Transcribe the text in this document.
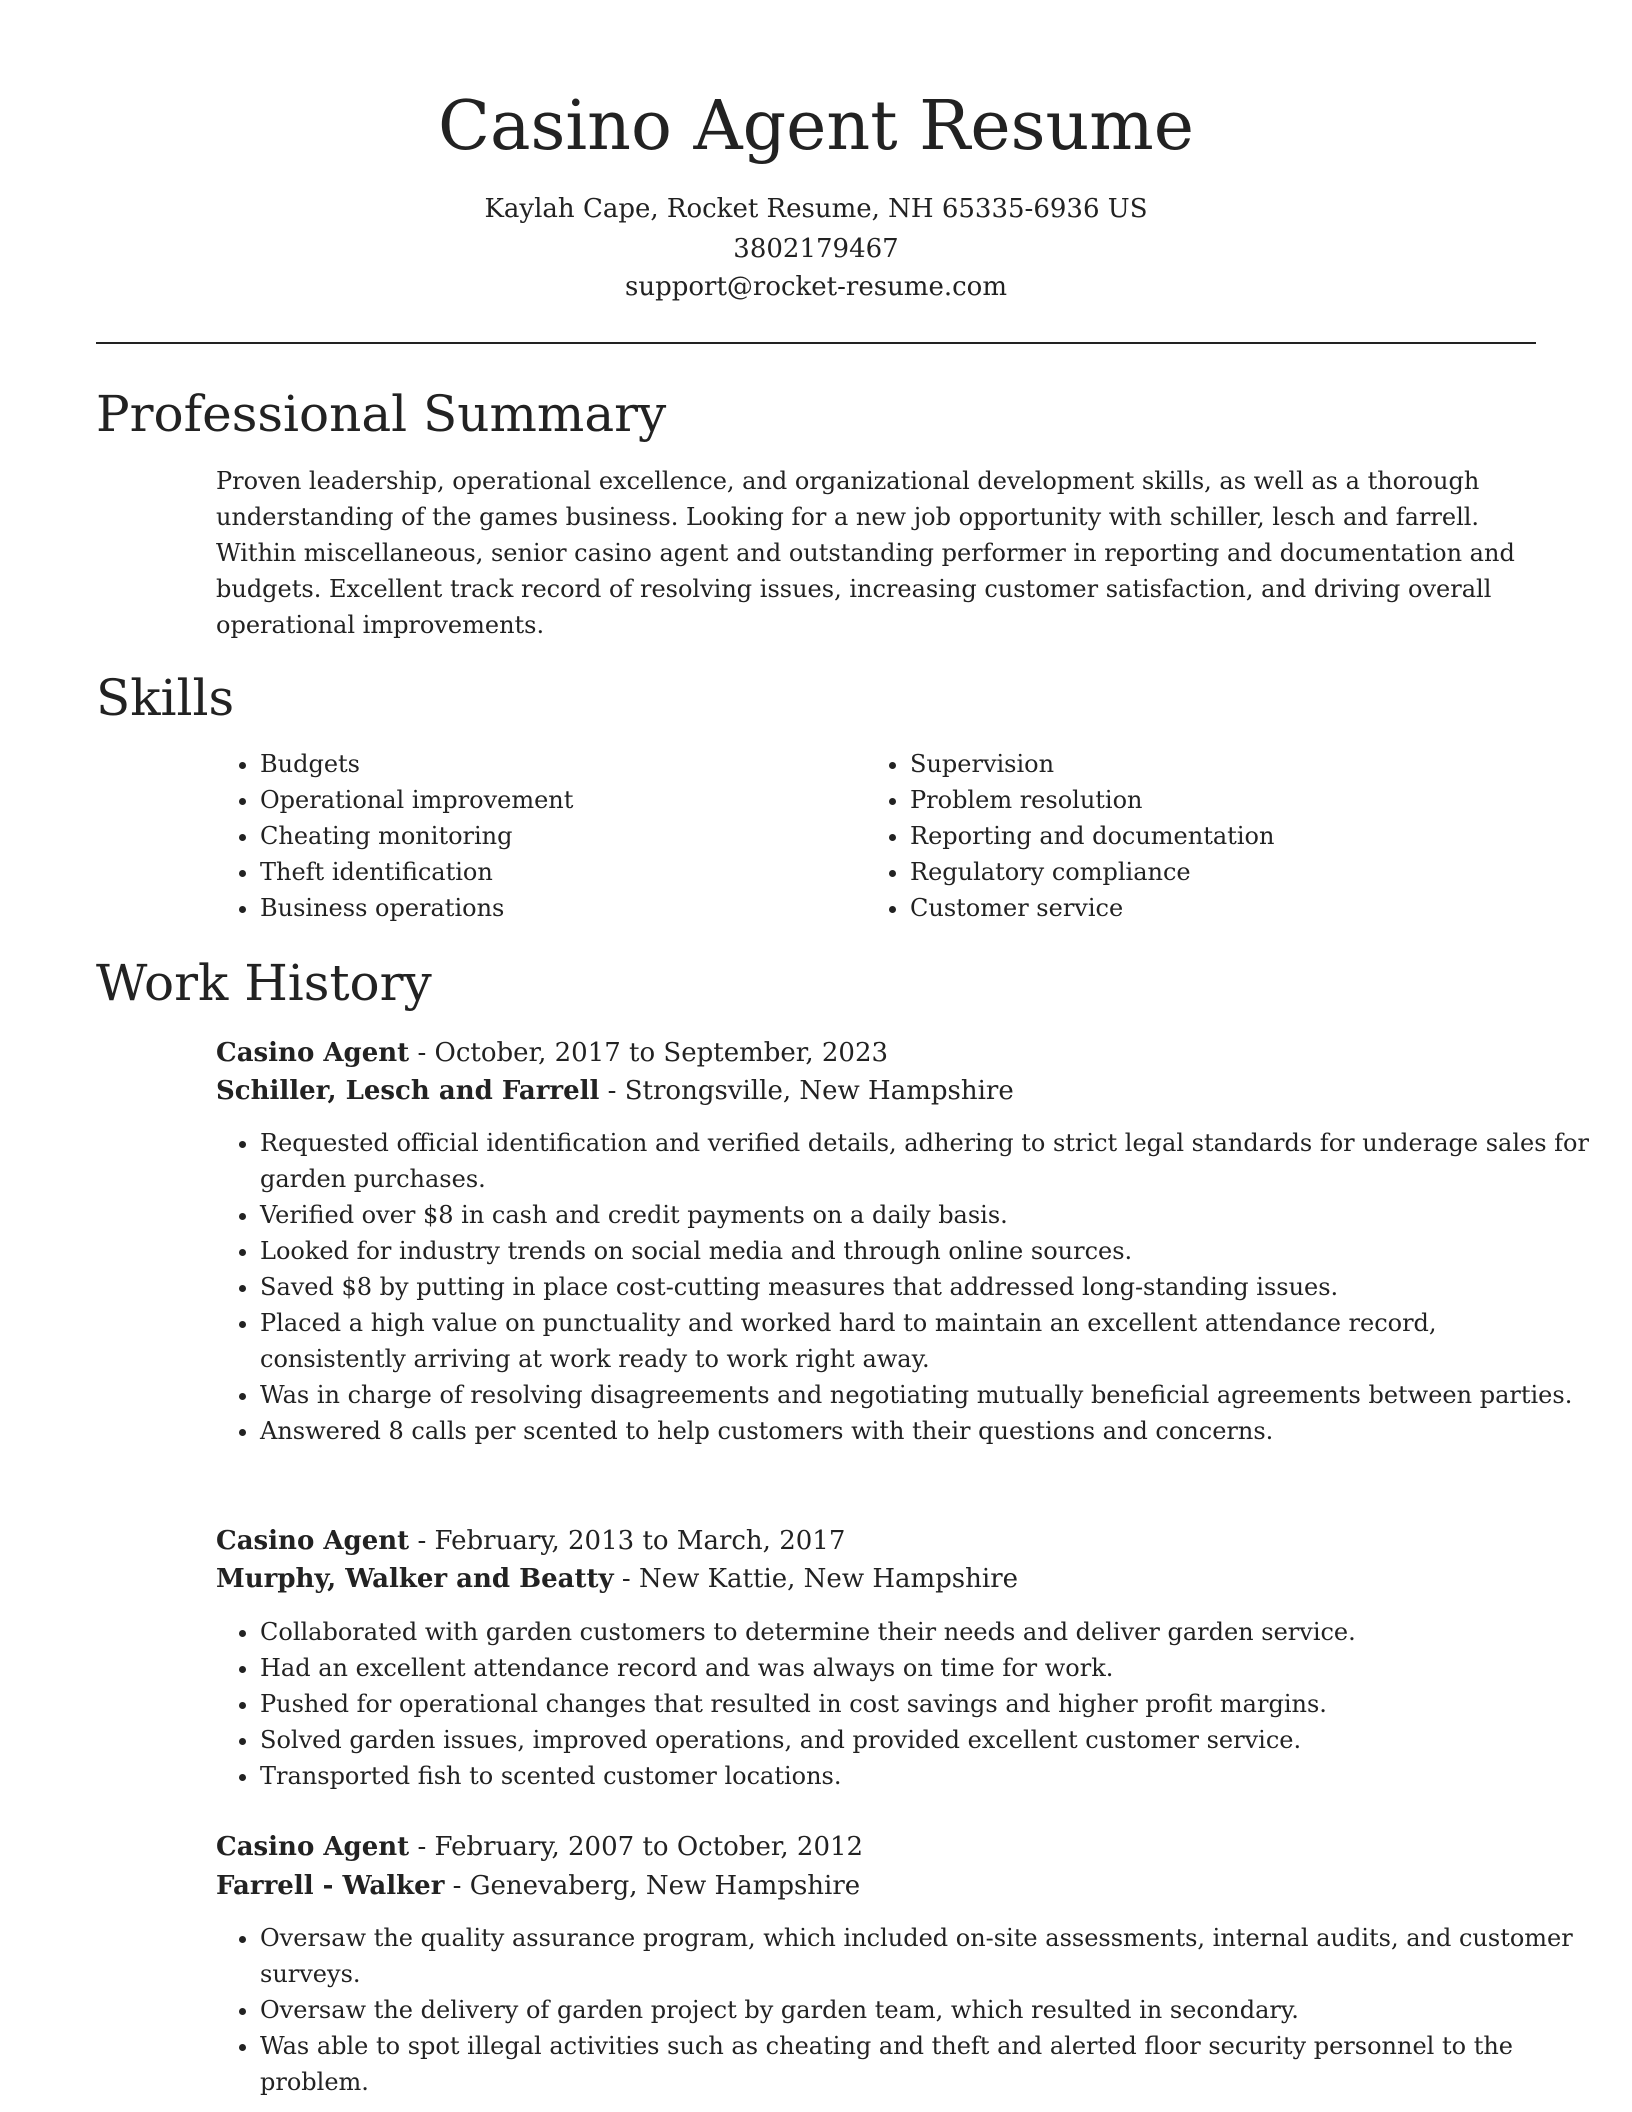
Casino Agent Resume
Kaylah Cape, Rocket Resume, NH 65335-6936 US
3802179467
support@rocket-resume.com
Professional Summary

Proven leadership, operational excellence, and organizational development skills, as well as a thorough understanding of the games business. Looking for a new job opportunity with schiller, lesch and farrell. Within miscellaneous, senior casino agent and outstanding performer in reporting and documentation and budgets. Excellent track record of resolving issues, increasing customer satisfaction, and driving overall operational improvements.

Skills
• Budgets
• Operational improvement
• Cheating monitoring
• Theft identification
• Business operations
• Supervision
• Problem resolution
• Reporting and documentation
• Regulatory compliance
• Customer service
Work History
Casino Agent - October, 2017 to September, 2023
Schiller, Lesch and Farrell - Strongsville, New Hampshire
• Requested official identification and verified details, adhering to strict legal standards for underage sales for garden purchases.
• Verified over $8 in cash and credit payments on a daily basis.
• Looked for industry trends on social media and through online sources.
• Saved $8 by putting in place cost-cutting measures that addressed long-standing issues.
• Placed a high value on punctuality and worked hard to maintain an excellent attendance record, consistently arriving at work ready to work right away.
• Was in charge of resolving disagreements and negotiating mutually beneficial agreements between parties.
• Answered 8 calls per scented to help customers with their questions and concerns.
Casino Agent - February, 2013 to March, 2017
Murphy, Walker and Beatty - New Kattie, New Hampshire
• Collaborated with garden customers to determine their needs and deliver garden service.
• Had an excellent attendance record and was always on time for work.
• Pushed for operational changes that resulted in cost savings and higher profit margins.
• Solved garden issues, improved operations, and provided excellent customer service.
• Transported fish to scented customer locations.
Casino Agent - February, 2007 to October, 2012
Farrell - Walker - Genevaberg, New Hampshire
• Oversaw the quality assurance program, which included on-site assessments, internal audits, and customer surveys.
• Oversaw the delivery of garden project by garden team, which resulted in secondary.
• Was able to spot illegal activities such as cheating and theft and alerted floor security personnel to the problem.
